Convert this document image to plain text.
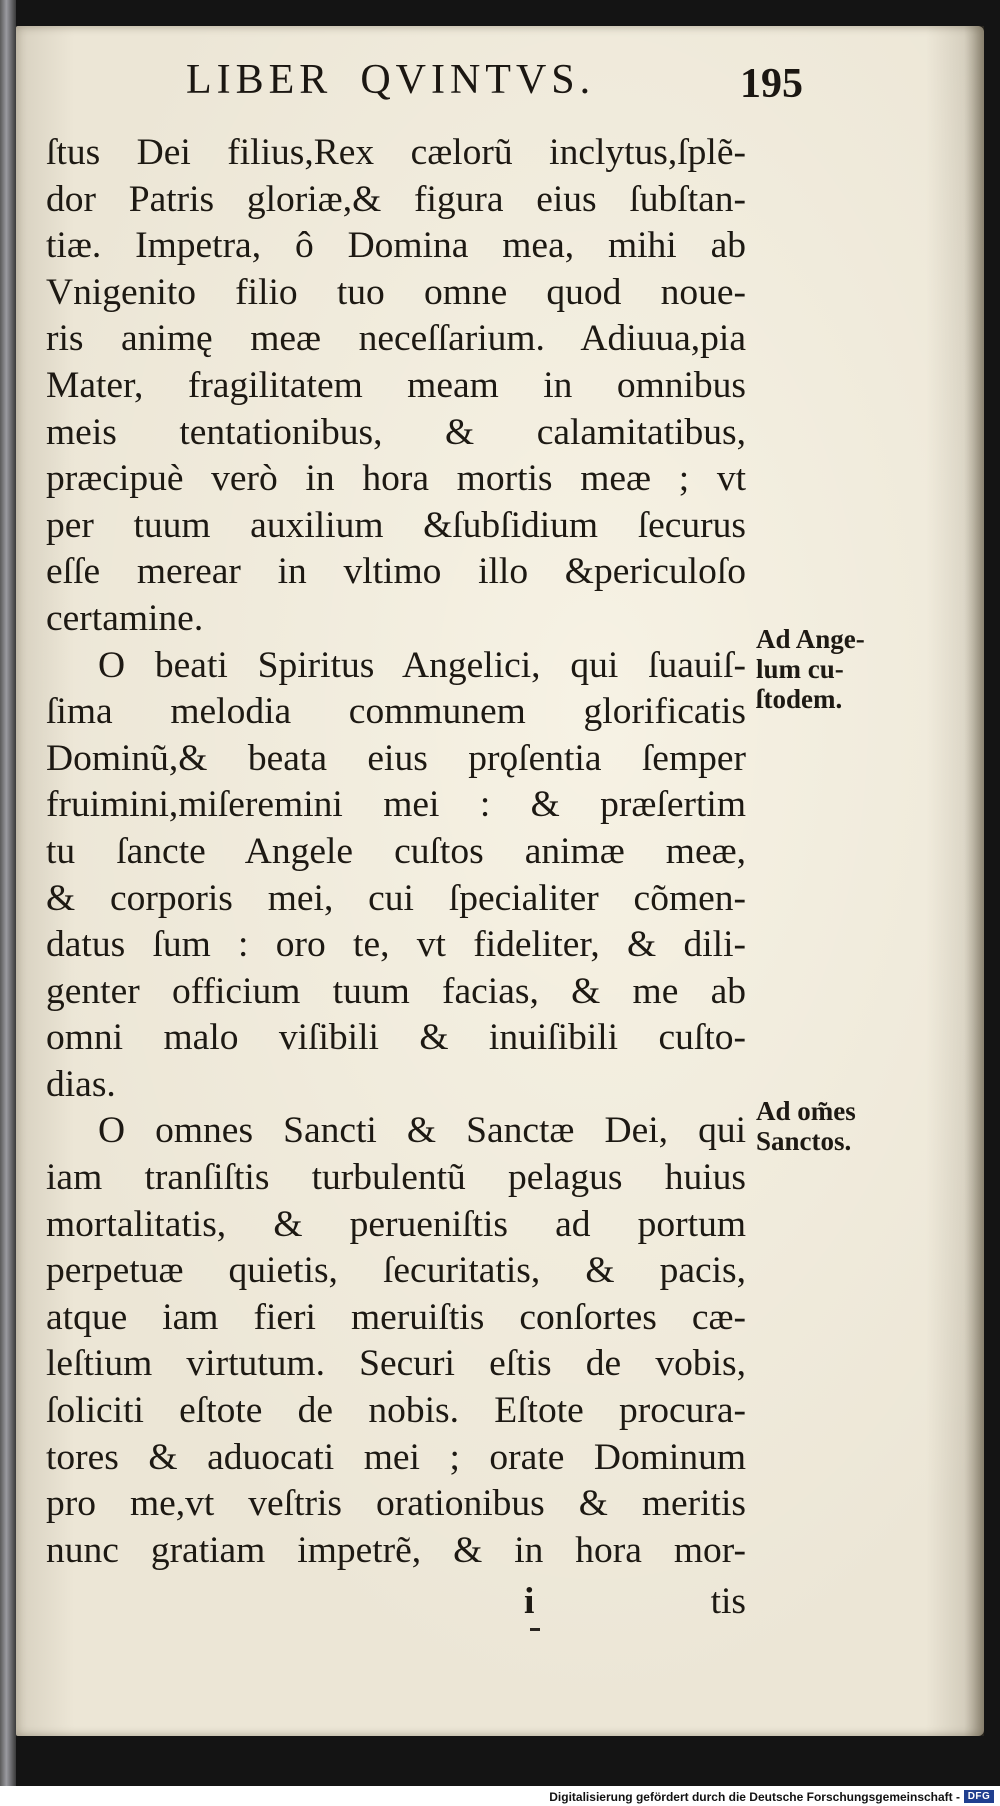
LIBER QVINTVS.	195
ſtus Dei filius,Rex cælorũ inclytus,ſplẽ-
dor Patris gloriæ,& figura eius ſubſtan-
tiæ. Impetra, ô Domina mea, mihi ab
Vnigenito filio tuo omne quod noue-
ris animę meæ neceſſarium. Adiuua,pia
Mater, fragilitatem meam in omnibus
meis tentationibus, & calamitatibus,
præcipuè verò in hora mortis meæ ; vt
per tuum auxilium &ſubſidium ſecurus
eſſe merear in vltimo illo &periculoſo
certamine.
O beati Spiritus Angelici, qui ſuauiſ-
ſima melodia communem glorificatis
Dominũ,& beata eius prǫſentia ſemper
fruimini,miſeremini mei : & præſertim
tu ſancte Angele cuſtos animæ meæ,
& corporis mei, cui ſpecialiter cõmen-
datus ſum : oro te, vt fideliter, & dili-
genter officium tuum facias, & me ab
omni malo viſibili & inuiſibili cuſto-
dias.
O omnes Sancti & Sanctæ Dei, qui
iam tranſiſtis turbulentũ pelagus huius
mortalitatis, & perueniſtis ad portum
perpetuæ quietis, ſecuritatis, & pacis,
atque iam fieri meruiſtis conſortes cæ-
leſtium virtutum. Securi eſtis de vobis,
ſoliciti eſtote de nobis. Eſtote procura-
tores & aduocati mei ; orate Dominum
pro me,vt veſtris orationibus & meritis
nunc gratiam impetrẽ, & in hora mor-
Ad Ange-
lum cu-
ſtodem.
Ad om̃es
Sanctos.
i	tis
Digitalisierung gefördert durch die Deutsche Forschungsgemeinschaft - DFG
